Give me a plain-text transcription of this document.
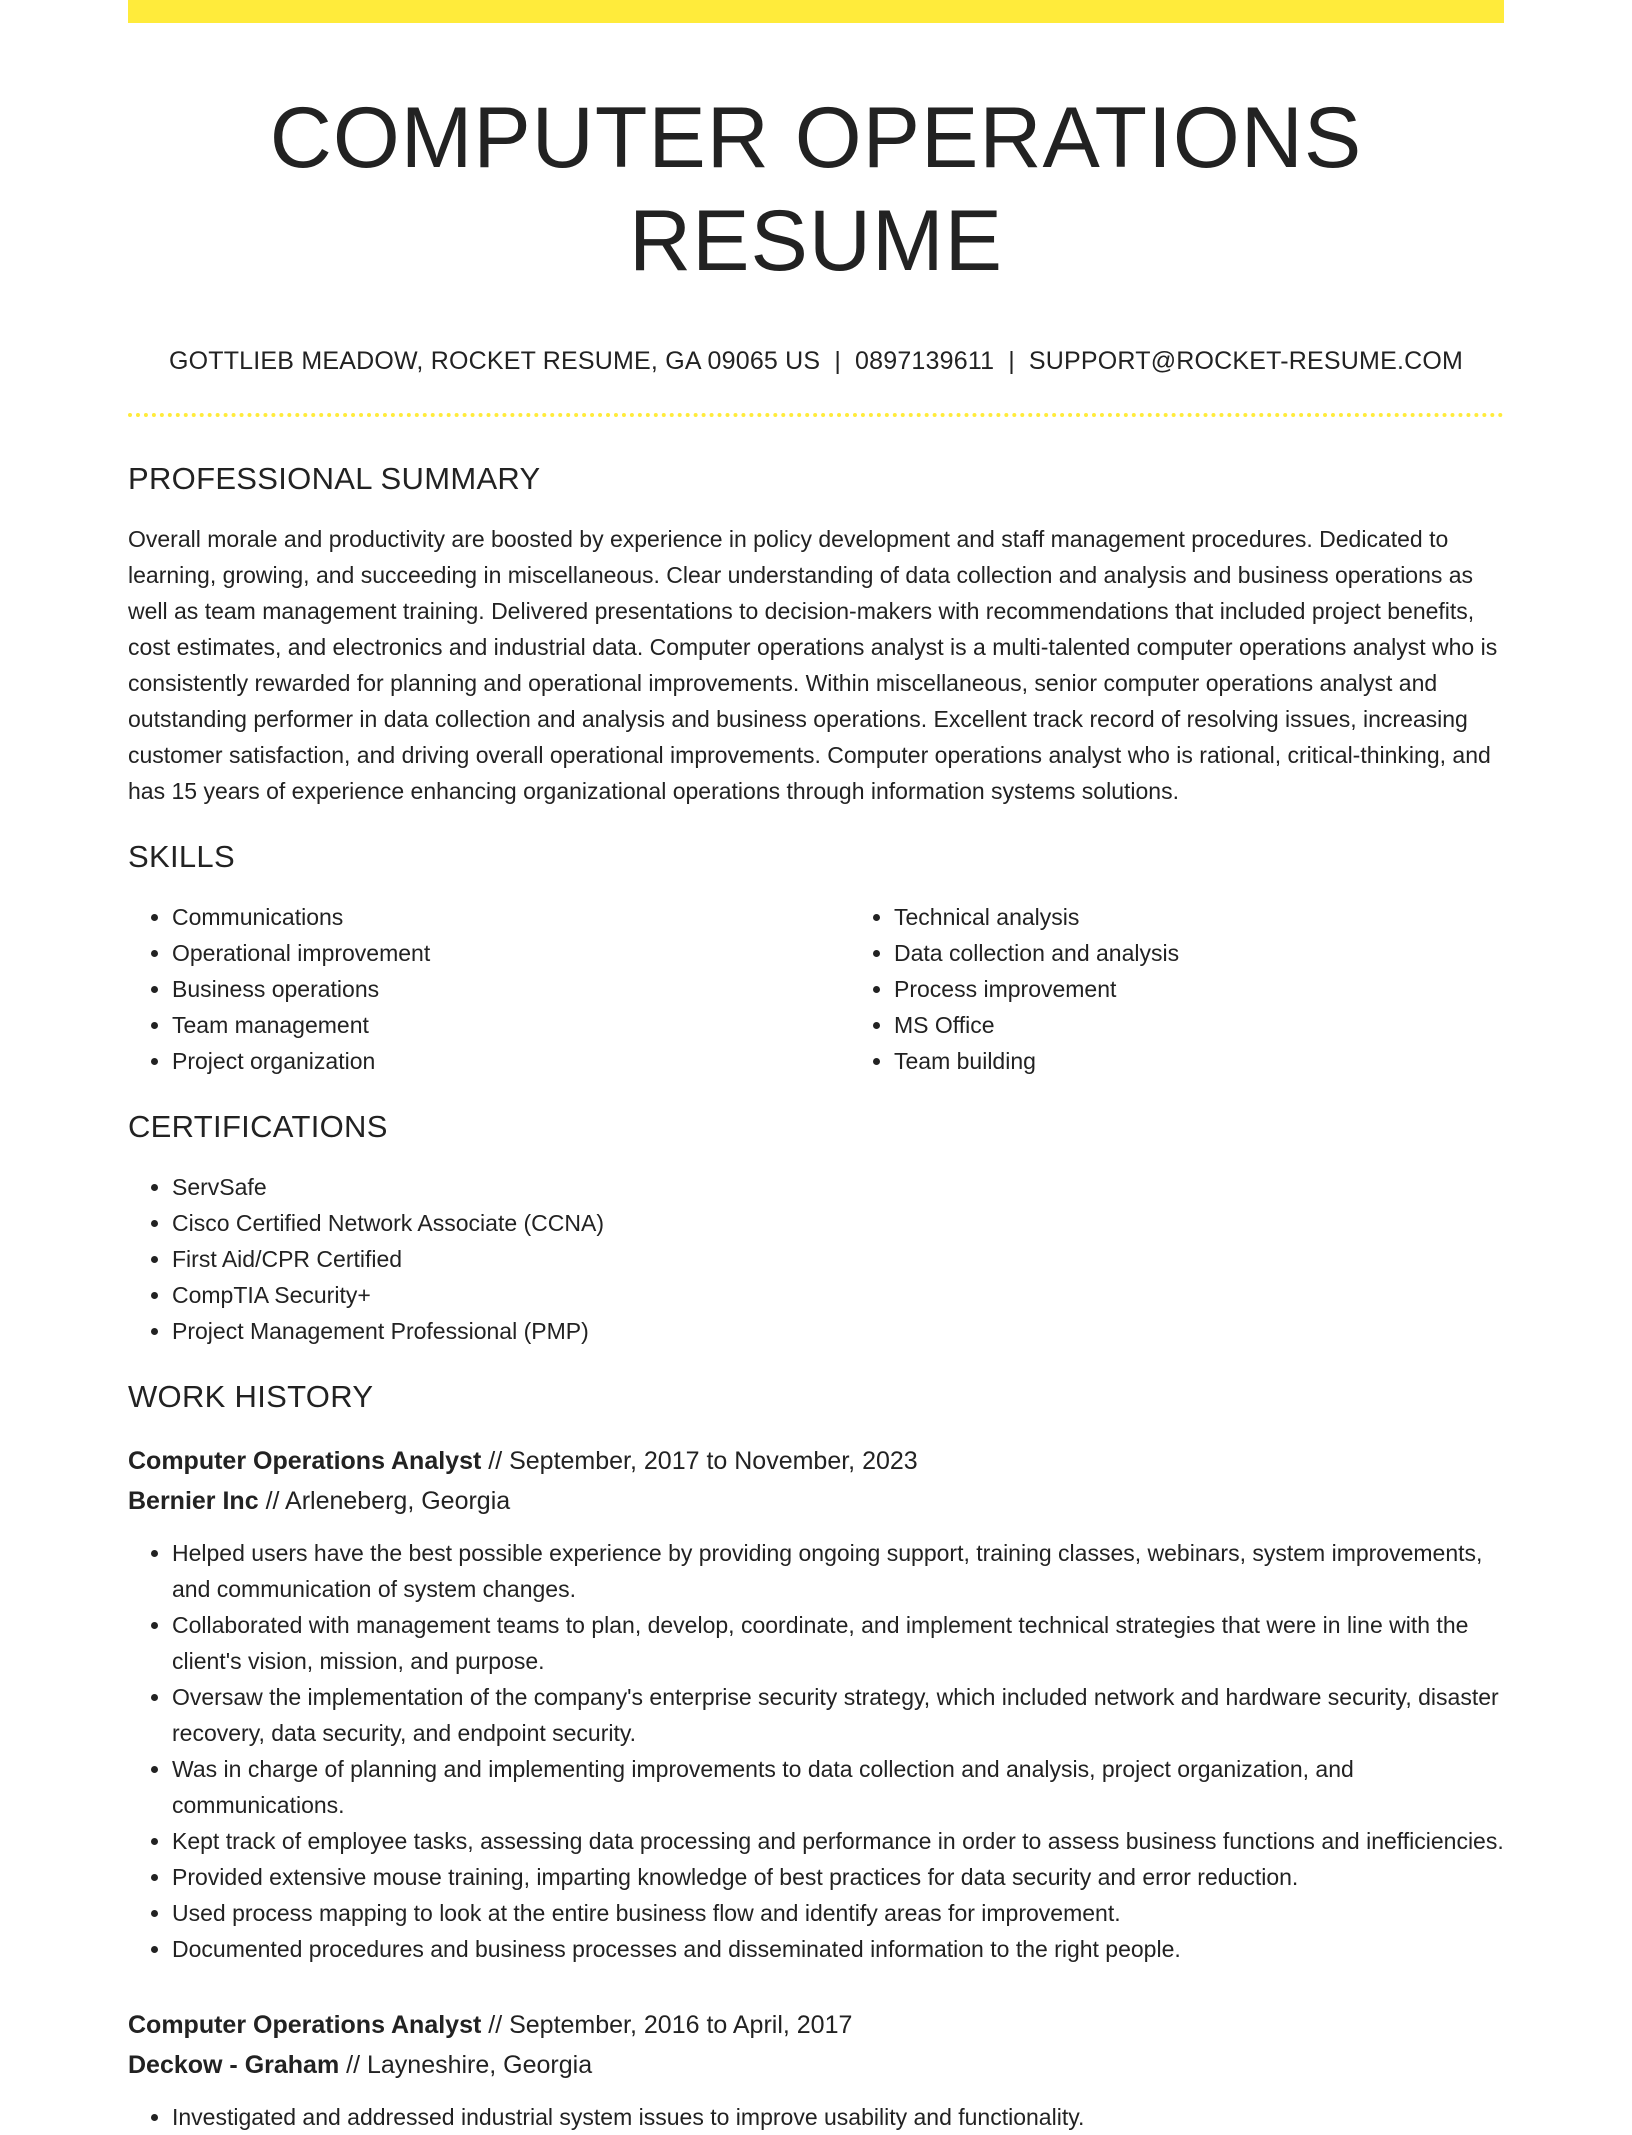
COMPUTER OPERATIONS RESUME
GOTTLIEB MEADOW, ROCKET RESUME, GA 09065 US | 0897139611 | SUPPORT@ROCKET-RESUME.COM
PROFESSIONAL SUMMARY
Overall morale and productivity are boosted by experience in policy development and staff management procedures. Dedicated to learning, growing, and succeeding in miscellaneous. Clear understanding of data collection and analysis and business operations as well as team management training. Delivered presentations to decision-makers with recommendations that included project benefits, cost estimates, and electronics and industrial data. Computer operations analyst is a multi-talented computer operations analyst who is consistently rewarded for planning and operational improvements. Within miscellaneous, senior computer operations analyst and outstanding performer in data collection and analysis and business operations. Excellent track record of resolving issues, increasing customer satisfaction, and driving overall operational improvements. Computer operations analyst who is rational, critical-thinking, and has 15 years of experience enhancing organizational operations through information systems solutions.
SKILLS
• Communications
• Operational improvement
• Business operations
• Team management
• Project organization
• Technical analysis
• Data collection and analysis
• Process improvement
• MS Office
• Team building
CERTIFICATIONS
• ServSafe
• Cisco Certified Network Associate (CCNA)
• First Aid/CPR Certified
• CompTIA Security+
• Project Management Professional (PMP)
WORK HISTORY
Computer Operations Analyst // September, 2017 to November, 2023
Bernier Inc // Arleneberg, Georgia
• Helped users have the best possible experience by providing ongoing support, training classes, webinars, system improvements, and communication of system changes.
• Collaborated with management teams to plan, develop, coordinate, and implement technical strategies that were in line with the client's vision, mission, and purpose.
• Oversaw the implementation of the company's enterprise security strategy, which included network and hardware security, disaster recovery, data security, and endpoint security.
• Was in charge of planning and implementing improvements to data collection and analysis, project organization, and communications.
• Kept track of employee tasks, assessing data processing and performance in order to assess business functions and inefficiencies.
• Provided extensive mouse training, imparting knowledge of best practices for data security and error reduction.
• Used process mapping to look at the entire business flow and identify areas for improvement.
• Documented procedures and business processes and disseminated information to the right people.
Computer Operations Analyst // September, 2016 to April, 2017
Deckow - Graham // Layneshire, Georgia
• Investigated and addressed industrial system issues to improve usability and functionality.
